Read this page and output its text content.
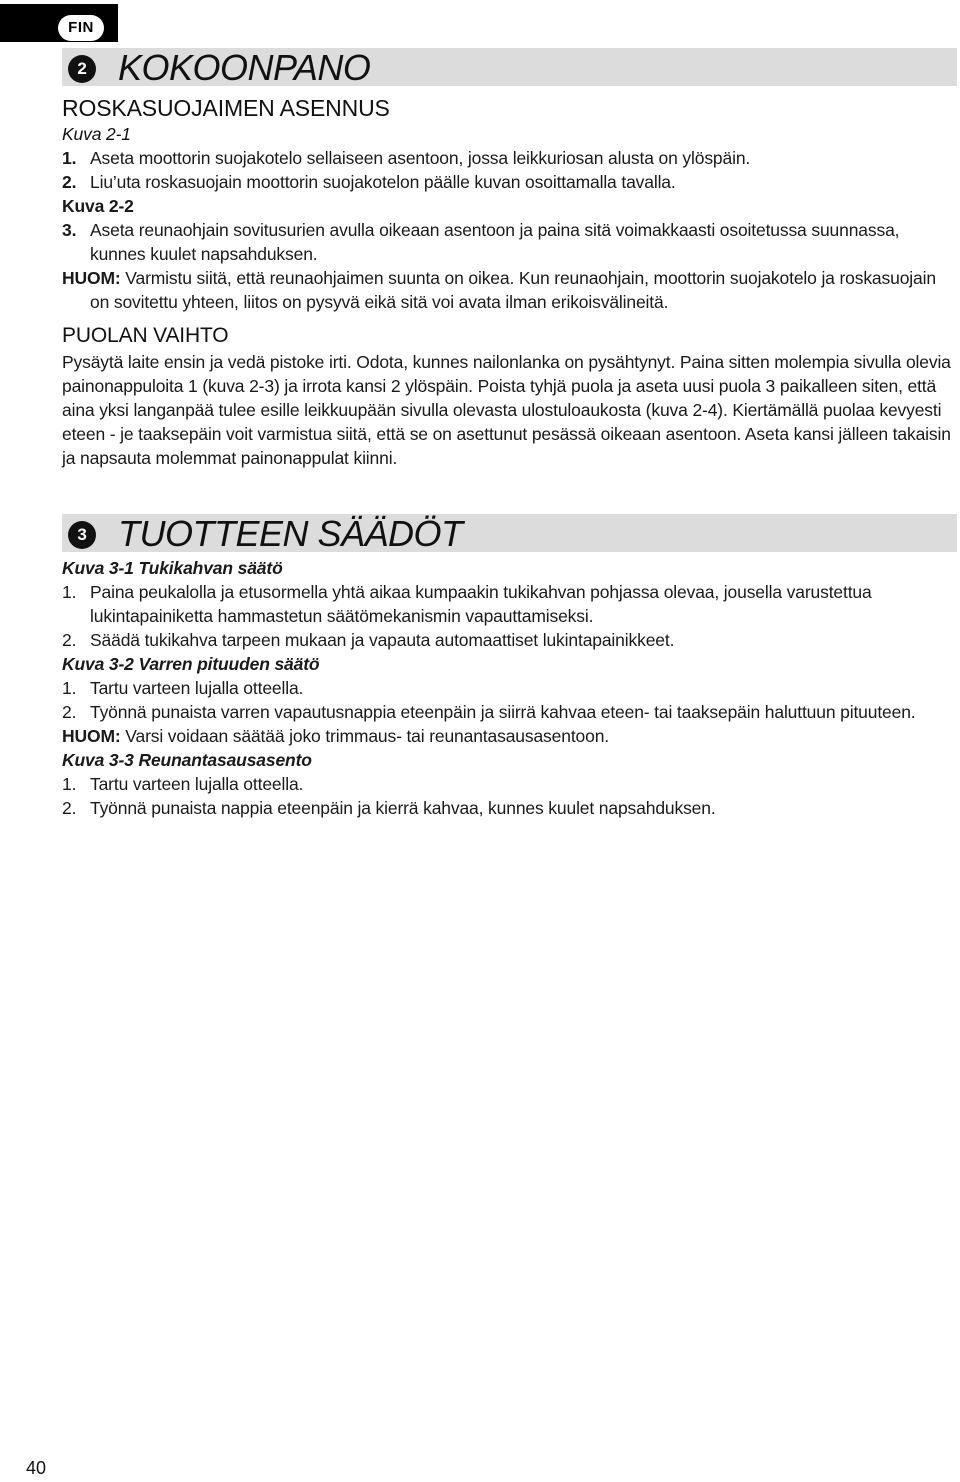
FIN
2 KOKOONPANO
ROSKASUOJAIMEN ASENNUS

Kuva 2-1

1. Aseta moottorin suojakotelo sellaiseen asentoon, jossa leikkuriosan alusta on ylöspäin.

2. Liu’uta roskasuojain moottorin suojakotelon päälle kuvan osoittamalla tavalla.

Kuva 2-2

3. Aseta reunaohjain sovitusurien avulla oikeaan asentoon ja paina sitä voimakkaasti osoitetussa suunnassa, kunnes kuulet napsahduksen.

HUOM: Varmistu siitä, että reunaohjaimen suunta on oikea. Kun reunaohjain, moottorin suojakotelo ja roskasuojain on sovitettu yhteen, liitos on pysyvä eikä sitä voi avata ilman erikoisvälineitä.

PUOLAN VAIHTO

Pysäytä laite ensin ja vedä pistoke irti. Odota, kunnes nailonlanka on pysähtynyt. Paina sitten molempia sivulla olevia painonappuloita 1 (kuva 2-3) ja irrota kansi 2 ylöspäin. Poista tyhjä puola ja aseta uusi puola 3 paikalleen siten, että aina yksi langanpää tulee esille leikkuupään sivulla olevasta ulostuloaukosta (kuva 2-4). Kiertämällä puolaa kevyesti eteen - je taaksepäin voit varmistua siitä, että se on asettunut pesässä oikeaan asentoon. Aseta kansi jälleen takaisin ja napsauta molemmat painonappulat kiinni.

3 TUOTTEEN SÄÄDÖT

Kuva 3-1 Tukikahvan säätö

1. Paina peukalolla ja etusormella yhtä aikaa kumpaakin tukikahvan pohjassa olevaa, jousella varustettua lukintapainiketta hammastetun säätömekanismin vapauttamiseksi.

2. Säädä tukikahva tarpeen mukaan ja vapauta automaattiset lukintapainikkeet.

Kuva 3-2 Varren pituuden säätö

1. Tartu varteen lujalla otteella.

2. Työnnä punaista varren vapautusnappia eteenpäin ja siirrä kahvaa eteen- tai taaksepäin haluttuun pituuteen.

HUOM: Varsi voidaan säätää joko trimmaus- tai reunantasausasentoon.

Kuva 3-3 Reunantasausasento

1. Tartu varteen lujalla otteella.

2. Työnnä punaista nappia eteenpäin ja kierrä kahvaa, kunnes kuulet napsahduksen.

40
